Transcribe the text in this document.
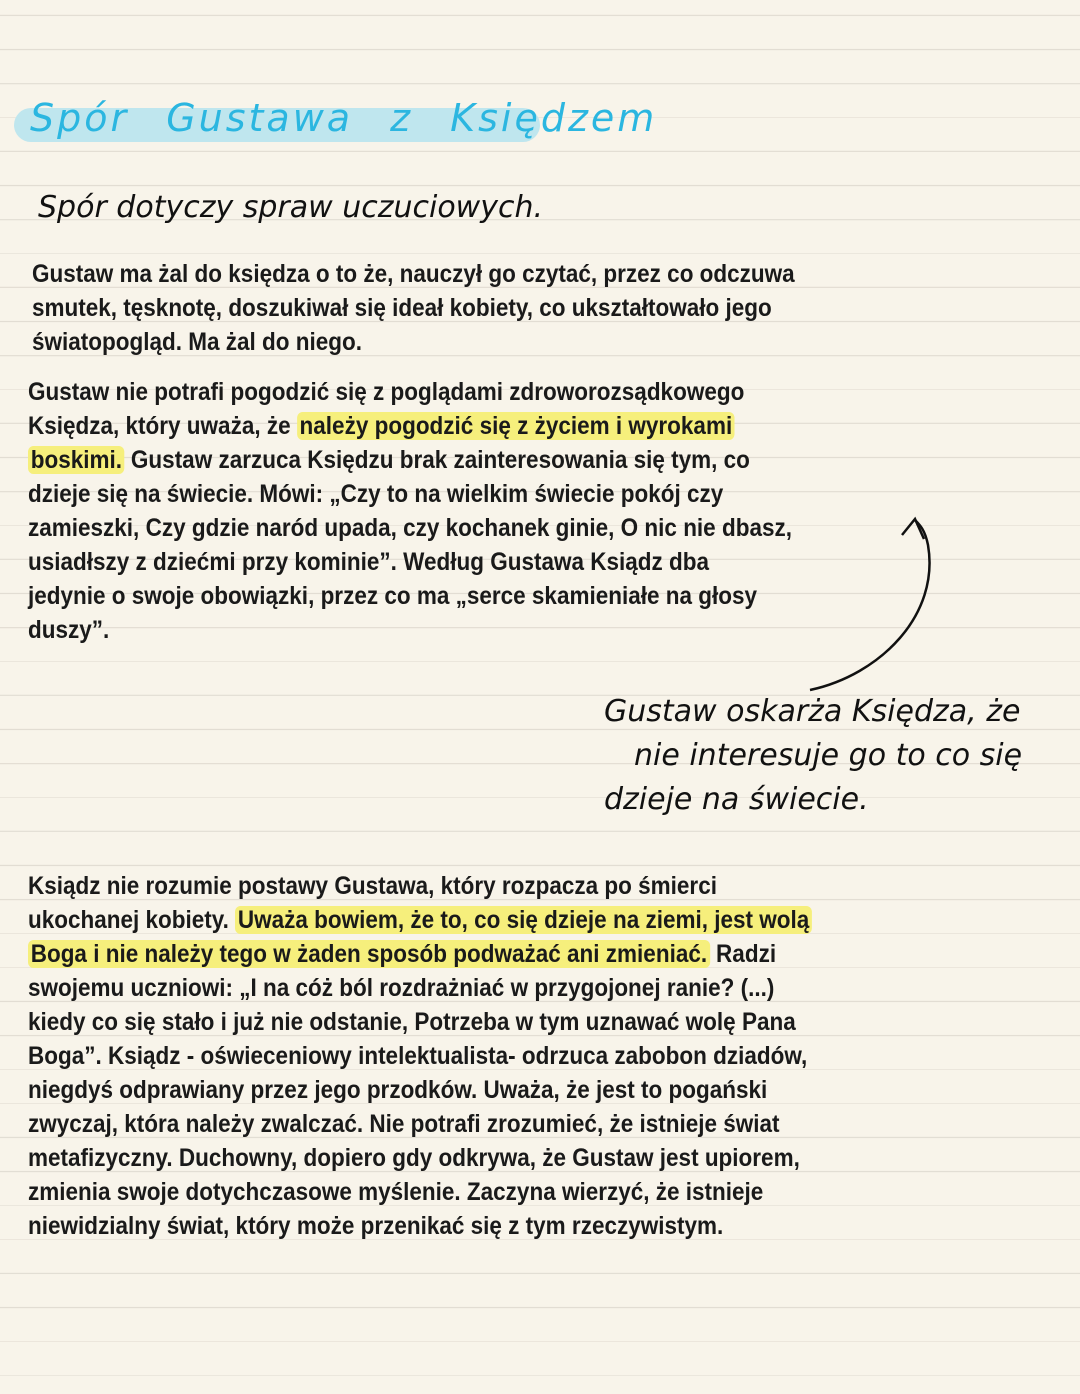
Spór Gustawa z Księdzem
Spór dotyczy spraw uczuciowych.
Gustaw ma żal do księdza o to że, nauczył go czytać, przez co odczuwa
smutek, tęsknotę, doszukiwał się ideał kobiety, co ukształtowało jego
światopogląd. Ma żal do niego.
Gustaw nie potrafi pogodzić się z poglądami zdroworozsądkowego
Księdza, który uważa, że należy pogodzić się z życiem i wyrokami
boskimi. Gustaw zarzuca Księdzu brak zainteresowania się tym, co
dzieje się na świecie. Mówi: „Czy to na wielkim świecie pokój czy
zamieszki, Czy gdzie naród upada, czy kochanek ginie, O nic nie dbasz,
usiadłszy z dziećmi przy kominie”. Według Gustawa Ksiądz dba
jedynie o swoje obowiązki, przez co ma „serce skamieniałe na głosy
duszy”.
Ksiądz nie rozumie postawy Gustawa, który rozpacza po śmierci
ukochanej kobiety. Uważa bowiem, że to, co się dzieje na ziemi, jest wolą
Boga i nie należy tego w żaden sposób podważać ani zmieniać. Radzi
swojemu uczniowi: „I na cóż ból rozdrażniać w przygojonej ranie? (...)
kiedy co się stało i już nie odstanie, Potrzeba w tym uznawać wolę Pana
Boga”. Ksiądz - oświeceniowy intelektualista- odrzuca zabobon dziadów,
niegdyś odprawiany przez jego przodków. Uważa, że jest to pogański
zwyczaj, która należy zwalczać. Nie potrafi zrozumieć, że istnieje świat
metafizyczny. Duchowny, dopiero gdy odkrywa, że Gustaw jest upiorem,
zmienia swoje dotychczasowe myślenie. Zaczyna wierzyć, że istnieje
niewidzialny świat, który może przenikać się z tym rzeczywistym.
Gustaw oskarża Księdza, że
nie interesuje go to co się
dzieje na świecie.
